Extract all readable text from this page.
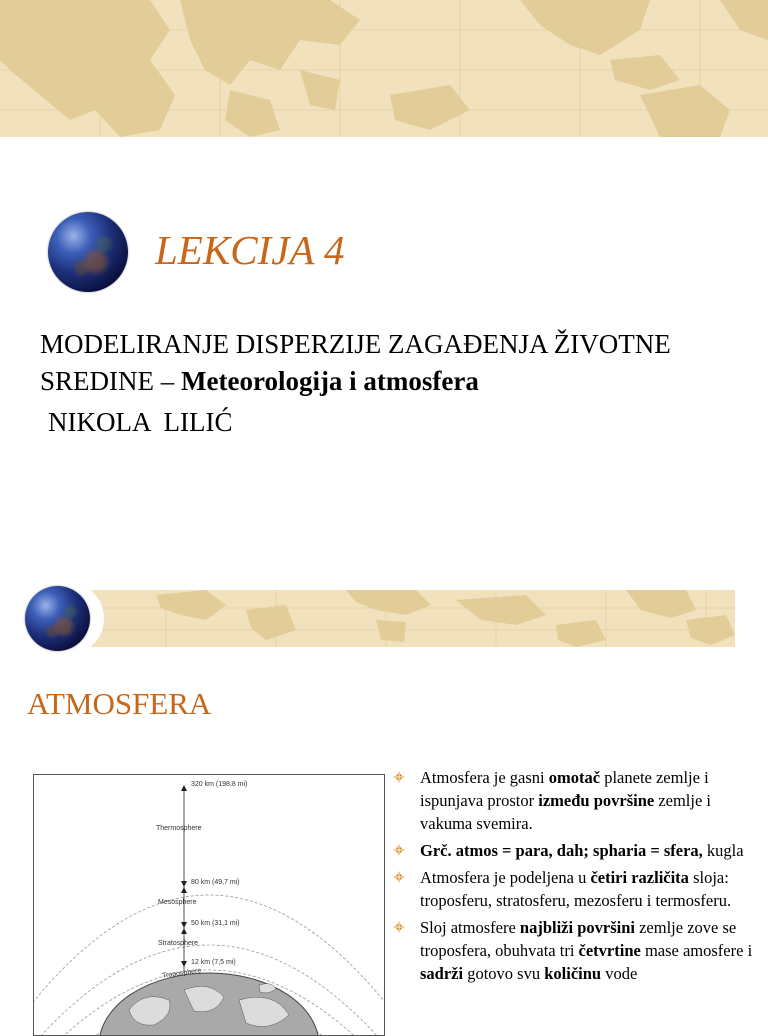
LEKCIJA 4

MODELIRANJE DISPERZIJE ZAGAĐENJA ŽIVOTNE SREDINE – Meteorologija i atmosfera

NIKOLA  LILIĆ

ATMOSFERA
320 km (198,8 mi)
Thermosphere
80 km (49,7 mi)
Mesosphere
50 km (31,1 mi)
Stratosphere
12 km (7,5 mi)
Troposphere
Atmosfera je gasni omotač planete zemlje i ispunjava prostor između površine zemlje i vakuma svemira.
Grč. atmos = para, dah; spharia = sfera, kugla
Atmosfera je podeljena u četiri različita sloja: troposferu, stratosferu, mezosferu i termosferu.
Sloj atmosfere najbliži površini zemlje zove se troposfera, obuhvata tri četvrtine mase amosfere i sadrži gotovo svu količinu vode
